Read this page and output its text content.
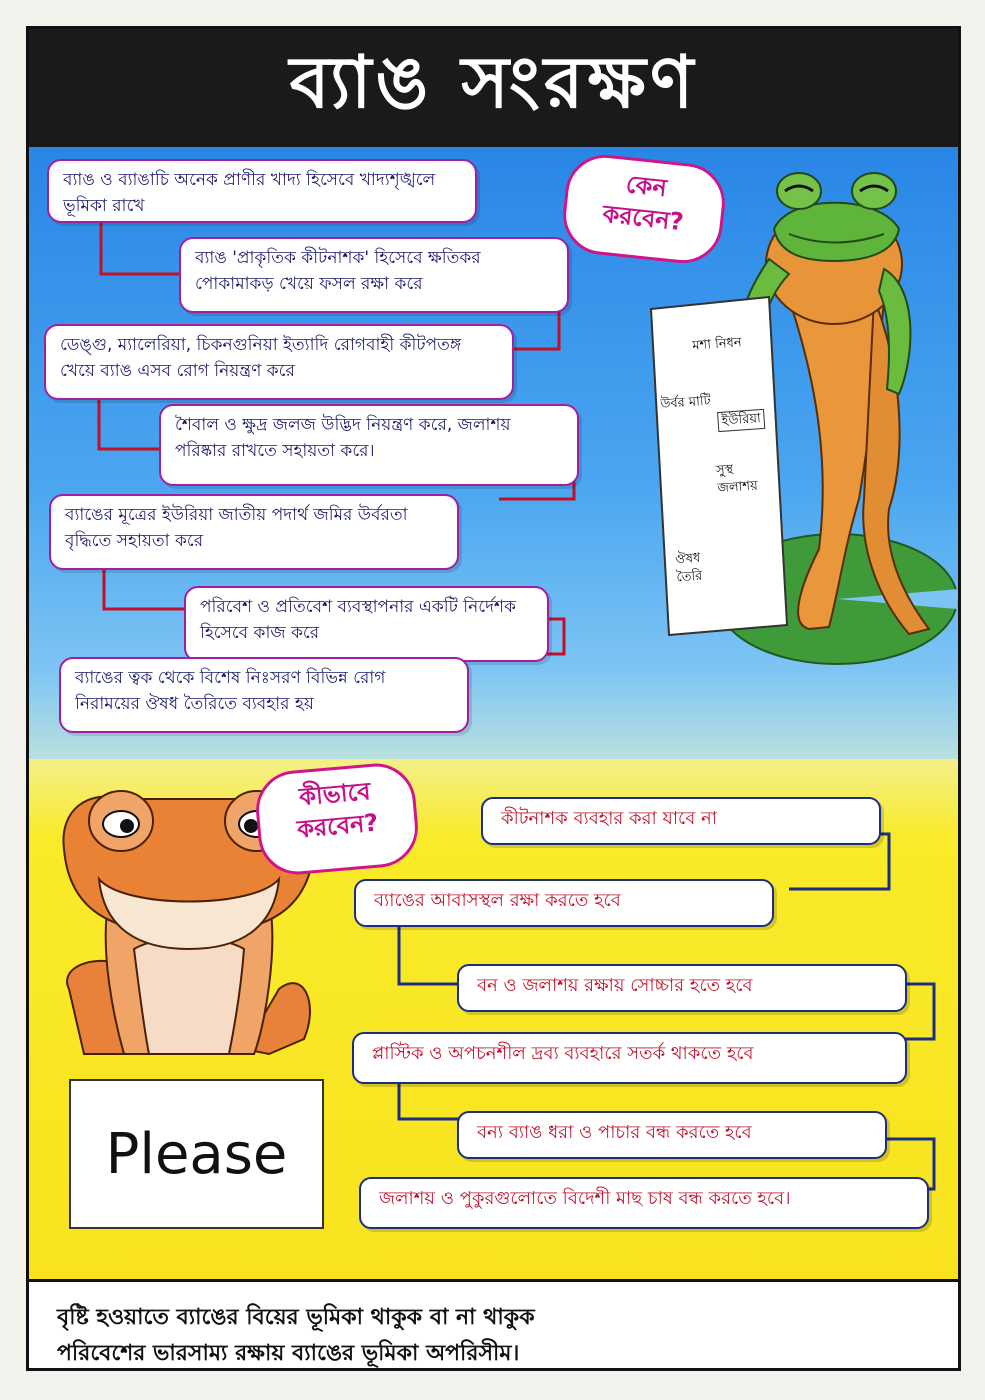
ব্যাঙ সংরক্ষণ
কেন করবেন?
ব্যাঙ ও ব্যাঙাচি অনেক প্রাণীর খাদ্য হিসেবে খাদ্যশৃঙ্খলে ভূমিকা রাখে
ব্যাঙ 'প্রাকৃতিক কীটনাশক' হিসেবে ক্ষতিকর পোকামাকড় খেয়ে ফসল রক্ষা করে
ডেঙ্গু, ম্যালেরিয়া, চিকনগুনিয়া ইত্যাদি রোগবাহী কীটপতঙ্গ খেয়ে ব্যাঙ এসব রোগ নিয়ন্ত্রণ করে
শৈবাল ও ক্ষুদ্র জলজ উদ্ভিদ নিয়ন্ত্রণ করে, জলাশয় পরিষ্কার রাখতে সহায়তা করে।
ব্যাঙের মূত্রের ইউরিয়া জাতীয় পদার্থ জমির উর্বরতা বৃদ্ধিতে সহায়তা করে
পরিবেশ ও প্রতিবেশ ব্যবস্থাপনার একটি নির্দেশক হিসেবে কাজ করে
ব্যাঙের ত্বক থেকে বিশেষ নিঃসরণ বিভিন্ন রোগ নিরাময়ের ঔষধ তৈরিতে ব্যবহার হয়
মশা নিধন
উর্বর মাটি
ইউরিয়া
সুস্থ জলাশয়
ঔষধ তৈরি
কীভাবে করবেন?	কীটনাশক ব্যবহার করা যাবে না
ব্যাঙের আবাসস্থল রক্ষা করতে হবে
বন ও জলাশয় রক্ষায় সোচ্চার হতে হবে
প্লাস্টিক ও অপচনশীল দ্রব্য ব্যবহারে সতর্ক থাকতে হবে
বন্য ব্যাঙ ধরা ও পাচার বন্ধ করতে হবে
জলাশয় ও পুকুরগুলোতে বিদেশী মাছ চাষ বন্ধ করতে হবে।
Please
বৃষ্টি হওয়াতে ব্যাঙের বিয়ের ভূমিকা থাকুক বা না থাকুক
পরিবেশের ভারসাম্য রক্ষায় ব্যাঙের ভূমিকা অপরিসীম।
